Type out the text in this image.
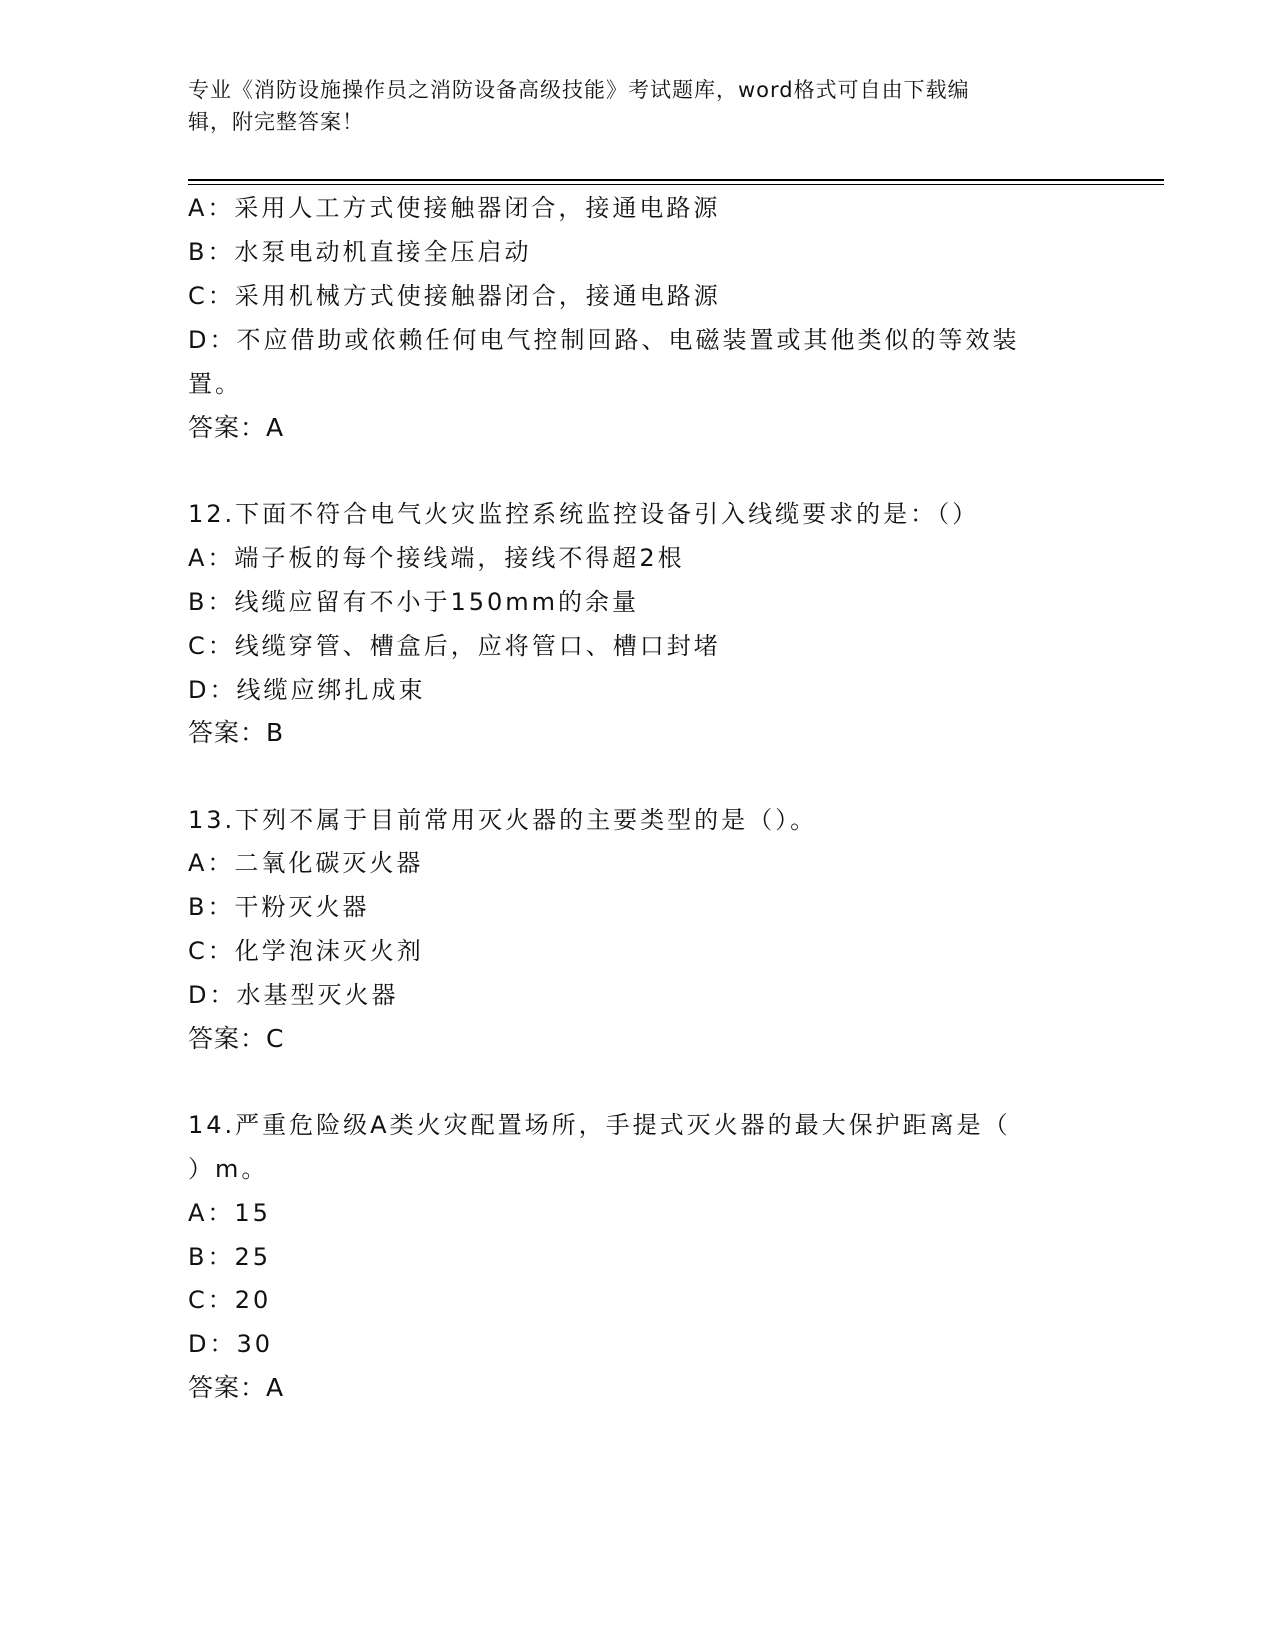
专业《消防设施操作员之消防设备高级技能》考试题库，word格式可自由下载编
辑，附完整答案！
A：采用人工方式使接触器闭合，接通电路源
B：水泵电动机直接全压启动
C：采用机械方式使接触器闭合，接通电路源
D：不应借助或依赖任何电气控制回路、电磁装置或其他类似的等效装
置。
答案：A
12.下面不符合电气火灾监控系统监控设备引入线缆要求的是：（）
A：端子板的每个接线端，接线不得超2根
B：线缆应留有不小于150mm的余量
C：线缆穿管、槽盒后，应将管口、槽口封堵
D：线缆应绑扎成束
答案：B
13.下列不属于目前常用灭火器的主要类型的是（）。
A：二氧化碳灭火器
B：干粉灭火器
C：化学泡沫灭火剂
D：水基型灭火器
答案：C
14.严重危险级A类火灾配置场所，手提式灭火器的最大保护距离是（
）m。
A：15
B：25
C：20
D：30
答案：A
